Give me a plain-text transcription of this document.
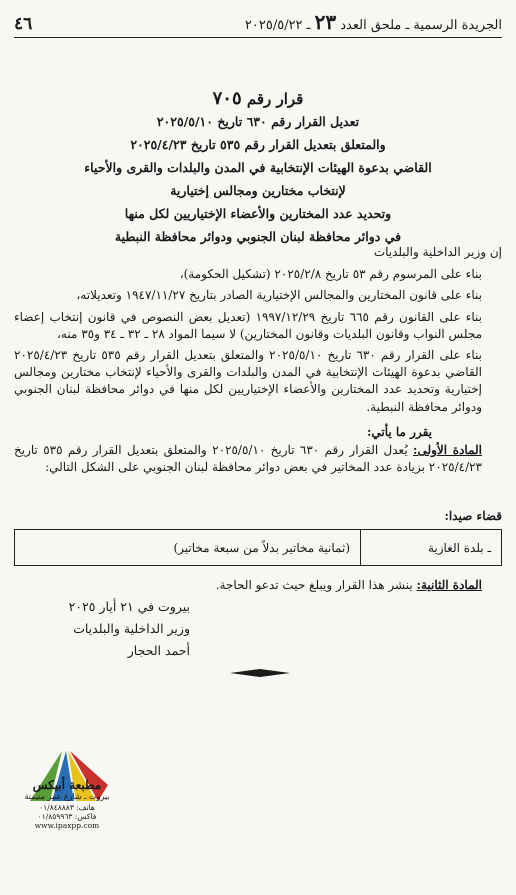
٤٦	الجريدة الرسمية ـ ملحق العدد ٢٣ ـ ٢٠٢٥/٥/٢٢
قرار رقم ٧٠٥
تعديل القرار رقم ٦٣٠ تاريخ ٢٠٢٥/٥/١٠
والمتعلق بتعديل القرار رقم ٥٣٥ تاريخ ٢٠٢٥/٤/٢٣
القاضي بدعوة الهيئات الإنتخابية في المدن والبلدات والقرى والأحياء
لإنتخاب مختارين ومجالس إختيارية
وتحديد عدد المختارين والأعضاء الإختياريين لكل منها
في دوائر محافظة لبنان الجنوبي ودوائر محافظة النبطية

إن وزير الداخلية والبلديات

بناء على المرسوم رقم ٥٣ تاريخ ٢٠٢٥/٢/٨ (تشكيل الحكومة)،

بناء على قانون المختارين والمجالس الإختيارية الصادر بتاريخ ١٩٤٧/١١/٢٧ وتعديلاته،

بناء على القانون رقم ٦٦٥ تاريخ ١٩٩٧/١٢/٢٩ (تعديل بعض النصوص في قانون إنتخاب إعضاء مجلس النواب وقانون البلديات وقانون المختارين) لا سيما المواد ٢٨ ـ ٣٢ ـ ٣٤ و٣٥ منه،

بناء على القرار رقم ٦٣٠ تاريخ ٢٠٢٥/٥/١٠ والمتعلق بتعديل القرار رقم ٥٣٥ تاريخ ٢٠٢٥/٤/٢٣ القاضي بدعوة الهيئات الإنتخابية في المدن والبلدات والقرى والأحياء لإنتخاب مختارين ومجالس إختيارية وتحديد عدد المختارين والأعضاء الإختياريين لكل منها في دوائر محافظة لبنان الجنوبي ودوائر محافظة النبطية.

يقرر ما يأتي:

المادة الأولى: يُعدل القرار رقم ٦٣٠ تاريخ ٢٠٢٥/٥/١٠ والمتعلق بتعديل القرار رقم ٥٣٥ تاريخ ٢٠٢٥/٤/٢٣ بزيادة عدد المخاتير في بعض دوائر محافظة لبنان الجنوبي على الشكل التالي:

قضاء صيدا:
ـ بلدة الغازية	(ثمانية مخاتير بدلاً من سبعة مخاتير)
المادة الثانية: ينشر هذا القرار ويبلغ حيث تدعو الحاجة.
بيروت في ٢١ أيار ٢٠٢٥
وزير الداخلية والبلديات
أحمد الحجار
مطبعة أبيكس
بيروت ـ شارع عمر منيمنة
هاتف: ٠١/٨٤٨٨٨٣
فاكس: ٠١/٨٥٩٩٦٣
www.ipaxpp.com
